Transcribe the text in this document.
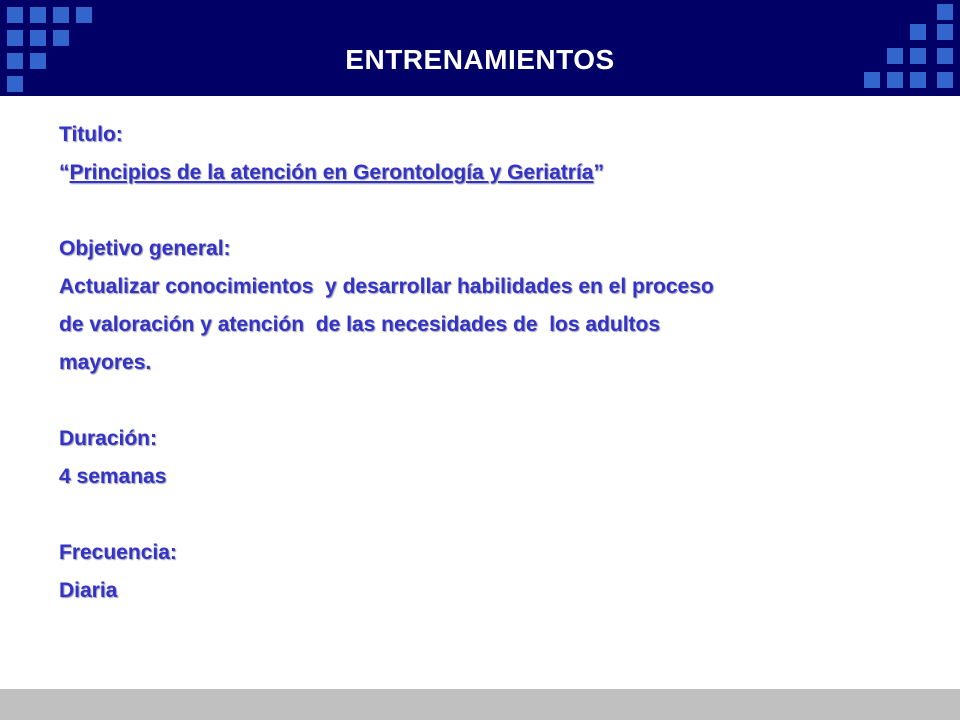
ENTRENAMIENTOS
Titulo:
“Principios de la atención en Gerontología y Geriatría”
Objetivo general:
Actualizar conocimientos  y desarrollar habilidades en el proceso
de valoración y atención  de las necesidades de  los adultos
mayores.
Duración:
4 semanas
Frecuencia:
Diaria
